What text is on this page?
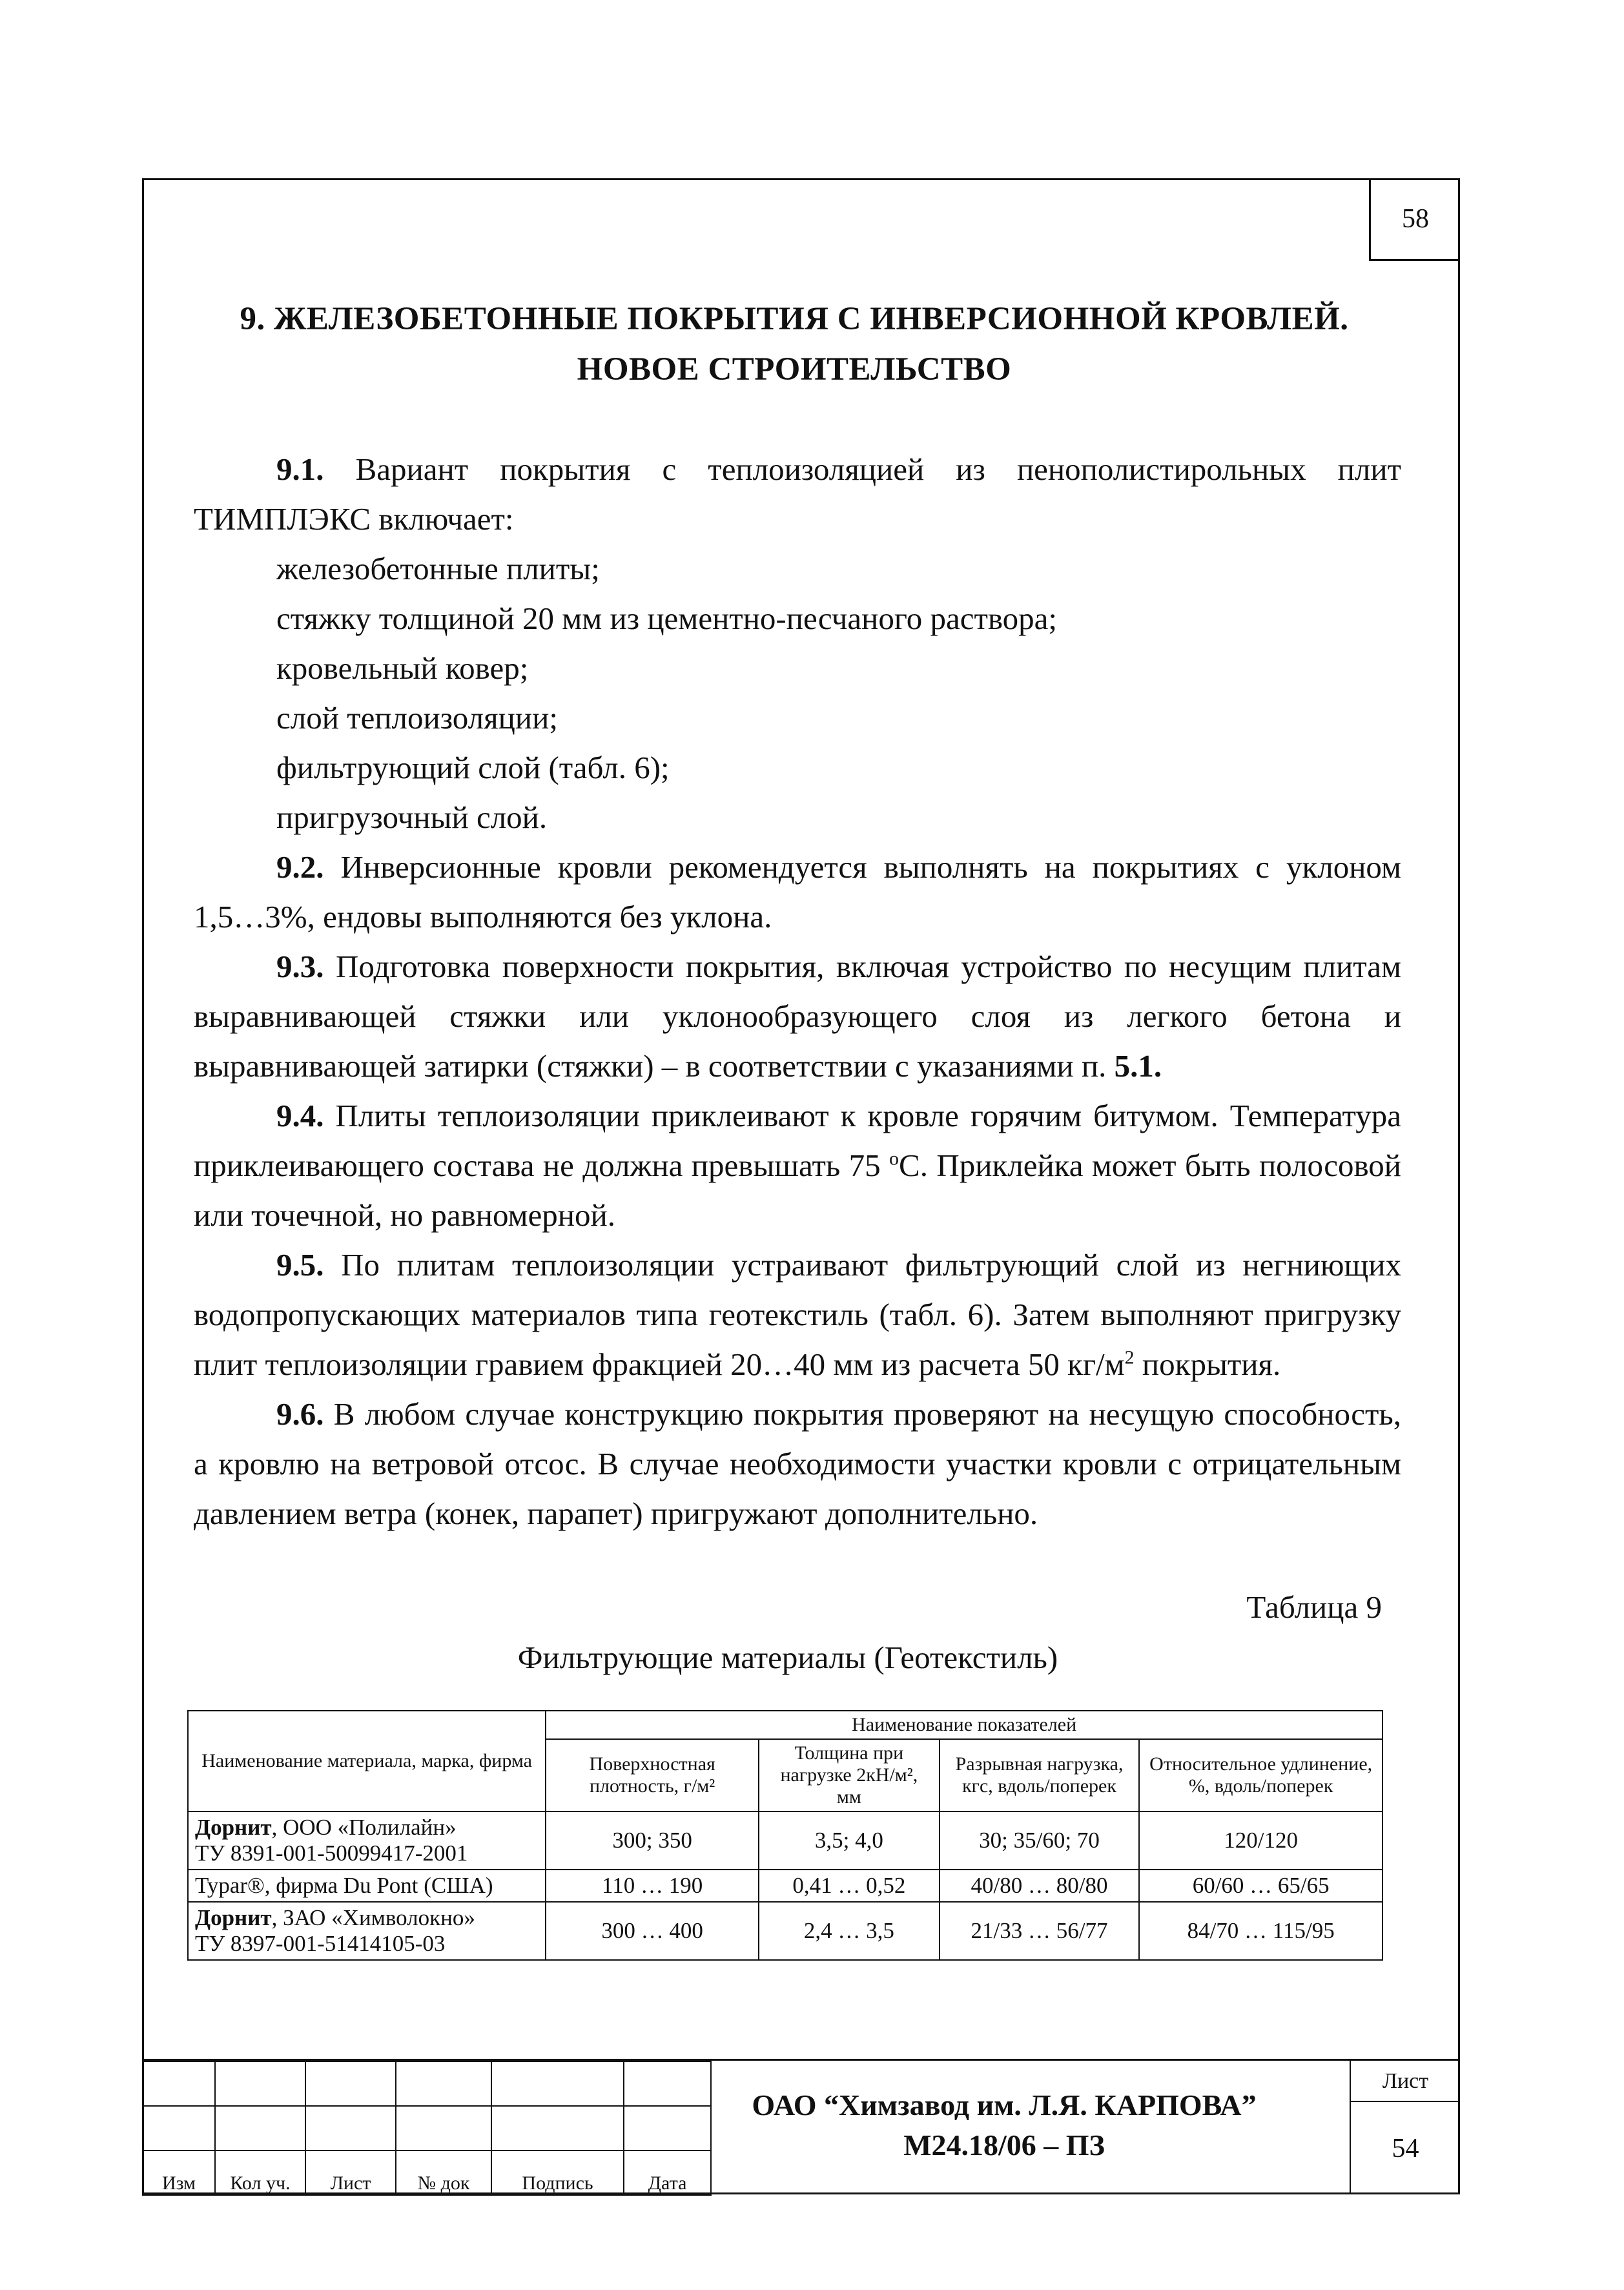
58
9. ЖЕЛЕЗОБЕТОННЫЕ ПОКРЫТИЯ С ИНВЕРСИОННОЙ КРОВЛЕЙ.
НОВОЕ СТРОИТЕЛЬСТВО

9.1. Вариант покрытия с теплоизоляцией из пенополистирольных плит ТИМПЛЭКС включает:

железобетонные плиты;

стяжку толщиной 20 мм из цементно-песчаного раствора;

кровельный ковер;

слой теплоизоляции;

фильтрующий слой (табл. 6);

пригрузочный слой.

9.2. Инверсионные кровли рекомендуется выполнять на покрытиях с уклоном 1,5…3%, ендовы выполняются без уклона.

9.3. Подготовка поверхности покрытия, включая устройство по несущим плитам выравнивающей стяжки или уклонообразующего слоя из легкого бетона и выравнивающей затирки (стяжки) – в соответствии с указаниями п. 5.1.

9.4. Плиты теплоизоляции приклеивают к кровле горячим битумом. Температура приклеивающего состава не должна превышать 75 $^o$С. Приклейка может быть полосовой или точечной, но равномерной.

9.5. По плитам теплоизоляции устраивают фильтрующий слой из негниющих водопропускающих материалов типа геотекстиль (табл. 6). Затем выполняют пригрузку плит теплоизоляции гравием фракцией 20…40 мм из расчета 50 $кг/м^2$ покрытия.

9.6. В любом случае конструкцию покрытия проверяют на несущую способность, а кровлю на ветровой отсос. В случае необходимости участки кровли с отрицательным давлением ветра (конек, парапет) пригружают дополнительно.

Таблица 9
Фильтрующие материалы (Геотекстиль)
Наименование материала, марка, фирма	Наименование показателей			
	Поверхностная плотность, г/м²	Толщина при нагрузке 2кН/м², мм	Разрывная нагрузка, кгс, вдоль/поперек	Относительное удлинение, %, вдоль/поперек
Дорнит, ООО «Полилайн»
ТУ 8391-001-50099417-2001	300; 350	3,5; 4,0	30; 35/60; 70	120/120
Typar®, фирма Du Pont (США)	110 … 190	0,41 … 0,52	40/80 … 80/80	60/60 … 65/65
Дорнит, ЗАО «Химволокно»
ТУ 8397-001-51414105-03	300 … 400	2,4 … 3,5	21/33 … 56/77	84/70 … 115/95

Изм	Кол уч.	Лист	№ док	Подпись	Дата
ОАО “Химзавод им. Л.Я. КАРПОВА”
М24.18/06 – ПЗ
Лист
54
